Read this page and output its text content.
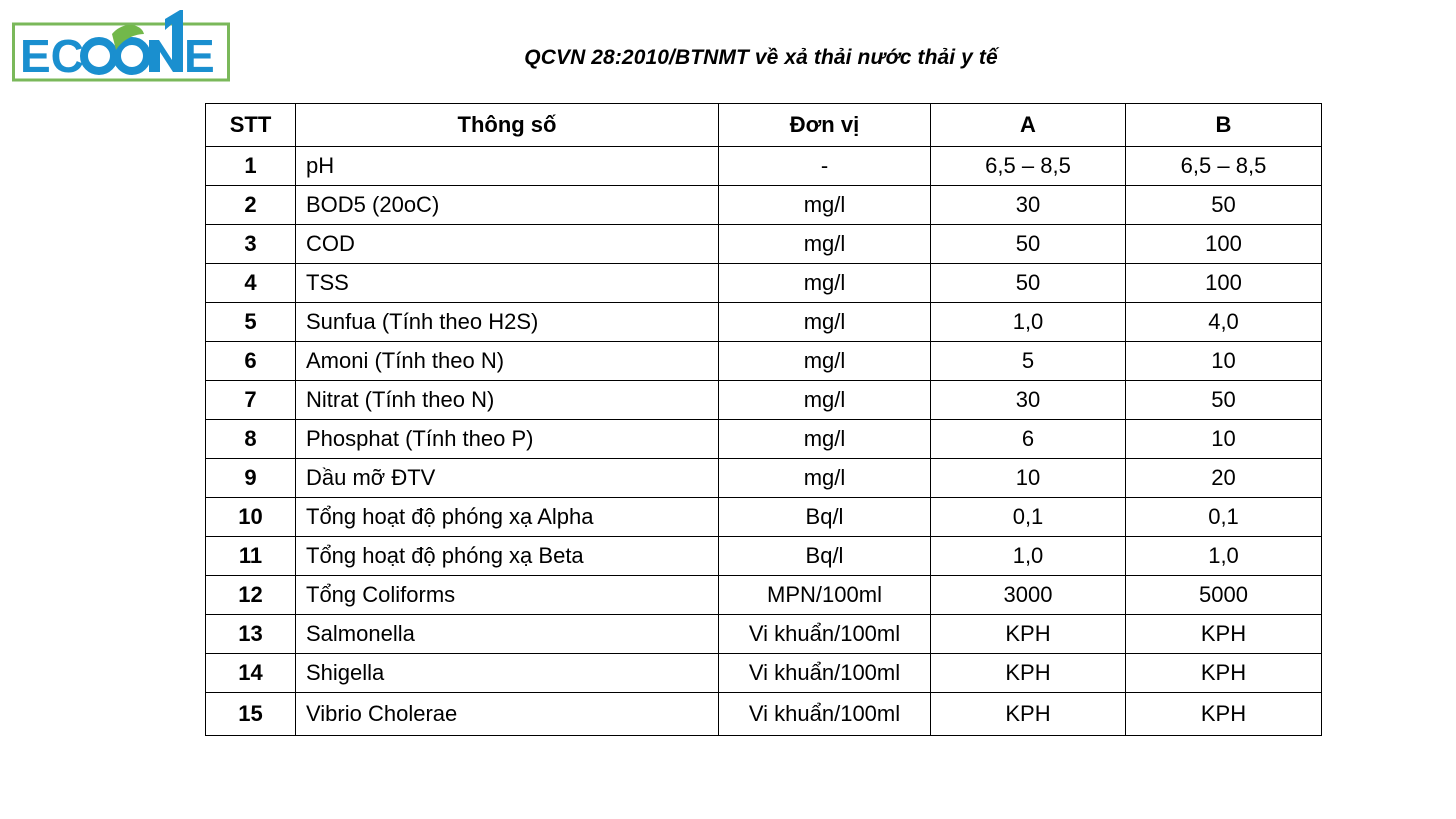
EC E	QCVN 28:2010/BTNMT về xả thải nước thải y tế
STT	Thông số	Đơn vị	A	B
1	pH	-	6,5 – 8,5	6,5 – 8,5
2	BOD5 (20oC)	mg/l	30	50
3	COD	mg/l	50	100
4	TSS	mg/l	50	100
5	Sunfua (Tính theo H2S)	mg/l	1,0	4,0
6	Amoni (Tính theo N)	mg/l	5	10
7	Nitrat (Tính theo N)	mg/l	30	50
8	Phosphat (Tính theo P)	mg/l	6	10
9	Dầu mỡ ĐTV	mg/l	10	20
10	Tổng hoạt độ phóng xạ Alpha	Bq/l	0,1	0,1
11	Tổng hoạt độ phóng xạ Beta	Bq/l	1,0	1,0
12	Tổng Coliforms	MPN/100ml	3000	5000
13	Salmonella	Vi khuẩn/100ml	KPH	KPH
14	Shigella	Vi khuẩn/100ml	KPH	KPH
15	Vibrio Cholerae	Vi khuẩn/100ml	KPH	KPH
